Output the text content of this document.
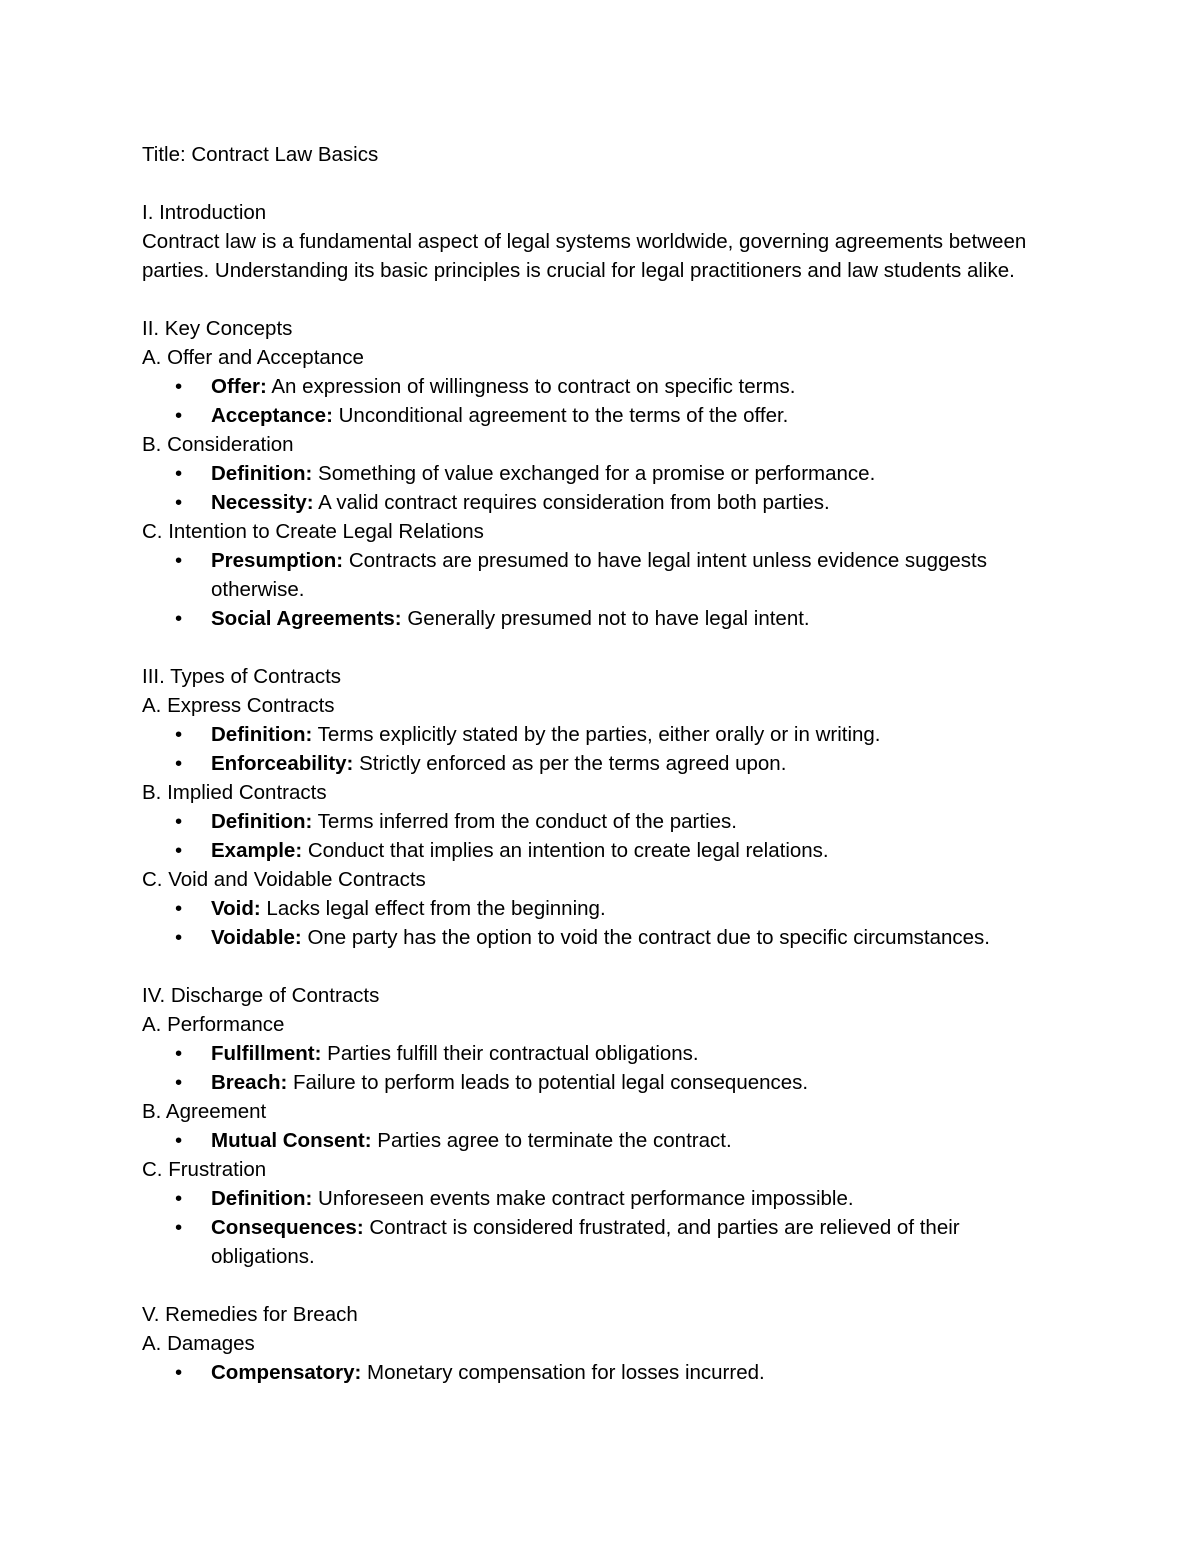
Title: Contract Law Basics
I. Introduction
Contract law is a fundamental aspect of legal systems worldwide, governing agreements between parties. Understanding its basic principles is crucial for legal practitioners and law students alike.
II. Key Concepts
A. Offer and Acceptance
• Offer: An expression of willingness to contract on specific terms.
• Acceptance: Unconditional agreement to the terms of the offer.
B. Consideration
• Definition: Something of value exchanged for a promise or performance.
• Necessity: A valid contract requires consideration from both parties.
C. Intention to Create Legal Relations
• Presumption: Contracts are presumed to have legal intent unless evidence suggests otherwise.
• Social Agreements: Generally presumed not to have legal intent.
III. Types of Contracts
A. Express Contracts
• Definition: Terms explicitly stated by the parties, either orally or in writing.
• Enforceability: Strictly enforced as per the terms agreed upon.
B. Implied Contracts
• Definition: Terms inferred from the conduct of the parties.
• Example: Conduct that implies an intention to create legal relations.
C. Void and Voidable Contracts
• Void: Lacks legal effect from the beginning.
• Voidable: One party has the option to void the contract due to specific circumstances.
IV. Discharge of Contracts
A. Performance
• Fulfillment: Parties fulfill their contractual obligations.
• Breach: Failure to perform leads to potential legal consequences.
B. Agreement
• Mutual Consent: Parties agree to terminate the contract.
C. Frustration
• Definition: Unforeseen events make contract performance impossible.
• Consequences: Contract is considered frustrated, and parties are relieved of their obligations.
V. Remedies for Breach
A. Damages
• Compensatory: Monetary compensation for losses incurred.
